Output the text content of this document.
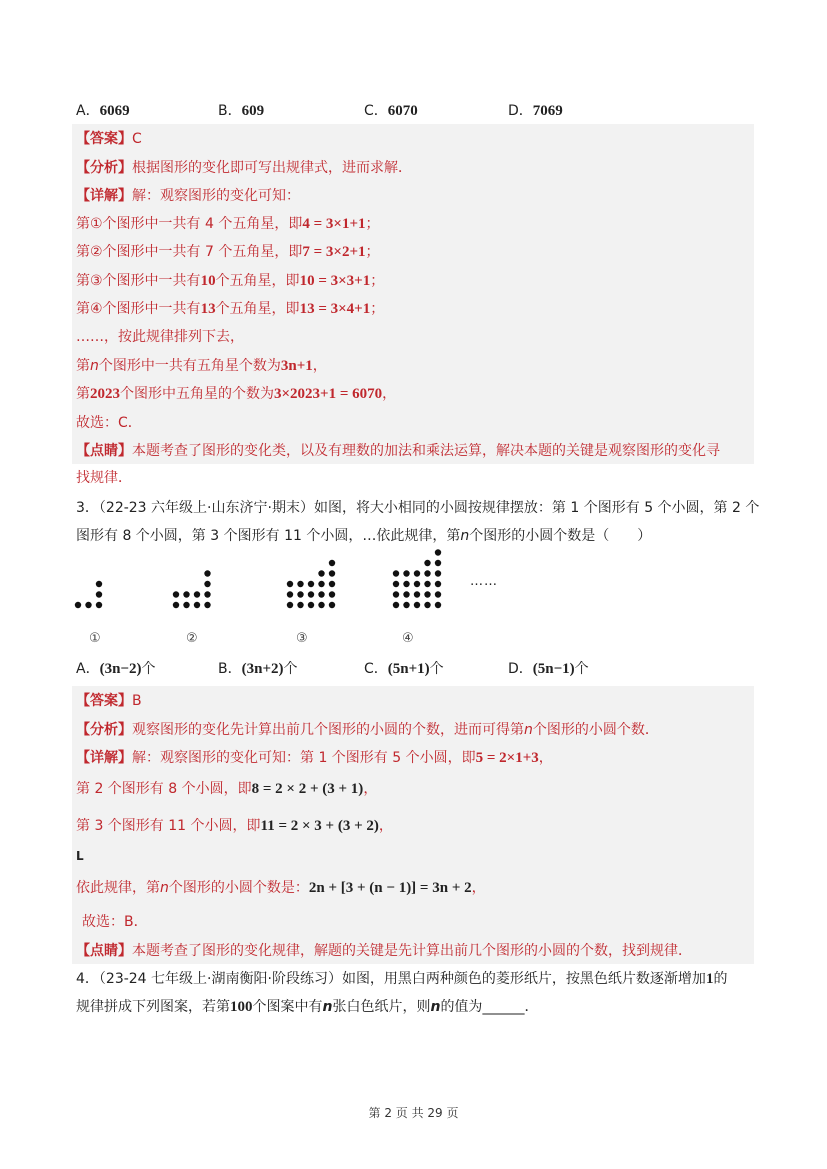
A．6069	B．609	C．6070	D．7069
【答案】C
【分析】根据图形的变化即可写出规律式，进而求解．
【详解】解：观察图形的变化可知：
第①个图形中一共有 4 个五角星，即4 = 3×1+1；
第②个图形中一共有 7 个五角星，即7 = 3×2+1；
第③个图形中一共有10个五角星，即10 = 3×3+1；
第④个图形中一共有13个五角星，即13 = 3×4+1；
……，按此规律排列下去，
第n个图形中一共有五角星个数为3n+1，
第2023个图形中五角星的个数为3×2023+1 = 6070，
故选：C．
【点睛】本题考查了图形的变化类，以及有理数的加法和乘法运算，解决本题的关键是观察图形的变化寻
找规律．
3．（22-23 六年级上·山东济宁·期末）如图，将大小相同的小圆按规律摆放：第 1 个图形有 5 个小圆，第 2 个
图形有 8 个小圆，第 3 个图形有 11 个小圆，…依此规律，第n个图形的小圆个数是（　　）
①	②	③	④
……
A．(3n−2)个	B．(3n+2)个	C．(5n+1)个	D．(5n−1)个
【答案】B
【分析】观察图形的变化先计算出前几个图形的小圆的个数，进而可得第n个图形的小圆个数．
【详解】解：观察图形的变化可知：第 1 个图形有 5 个小圆，即5 = 2×1+3，
第 2 个图形有 8 个小圆，即8 = 2 × 2 + (3 + 1)，
第 3 个图形有 11 个小圆，即11 = 2 × 3 + (3 + 2)，
L
依此规律，第n个图形的小圆个数是：2n + [3 + (n − 1)] = 3n + 2，
故选：B．
【点睛】本题考查了图形的变化规律，解题的关键是先计算出前几个图形的小圆的个数，找到规律．
4．（23-24 七年级上·湖南衡阳·阶段练习）如图，用黑白两种颜色的菱形纸片，按黑色纸片数逐渐增加1的
规律拼成下列图案，若第100个图案中有n张白色纸片，则n的值为______．
第 2 页 共 29 页
